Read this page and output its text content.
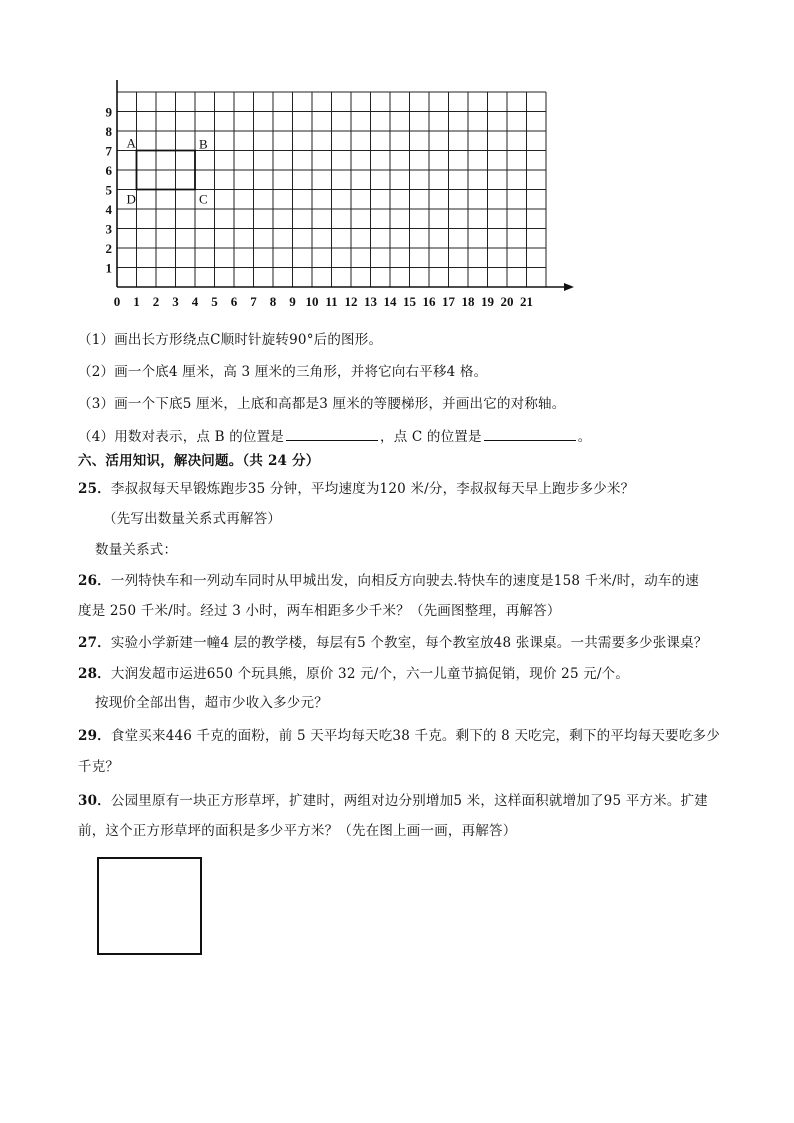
1
2
3
4
5
6
7
8
9
0 1 2 3 4 5 6 7 8 9 10 11 12 13 14 15 16 17 18 19 20 21
A	B
C
D
（1）画出长方形绕点C顺时针旋转90°后的图形。
（2）画一个底4 厘米，高 3 厘米的三角形，并将它向右平移4 格。
（3）画一个下底5 厘米，上底和高都是3 厘米的等腰梯形，并画出它的对称轴。
（4）用数对表示，点 B 的位置是	，点 C 的位置是	。
六、活用知识，解决问题。（共 24 分）
25．李叔叔每天早锻炼跑步35 分钟，平均速度为120 米/分，李叔叔每天早上跑步多少米？
（先写出数量关系式再解答）
数量关系式：
26．一列特快车和一列动车同时从甲城出发，向相反方向驶去.特快车的速度是158 千米/时，动车的速
度是 250 千米/时。经过 3 小时，两车相距多少千米？（先画图整理，再解答）
27．实验小学新建一幢4 层的教学楼，每层有5 个教室，每个教室放48 张课桌。一共需要多少张课桌？
28．大润发超市运进650 个玩具熊，原价 32 元/个，六一儿童节搞促销，现价 25 元/个。
按现价全部出售，超市少收入多少元？
29．食堂买来446 千克的面粉，前 5 天平均每天吃38 千克。剩下的 8 天吃完，剩下的平均每天要吃多少
千克？
30．公园里原有一块正方形草坪，扩建时，两组对边分别增加5 米，这样面积就增加了95 平方米。扩建
前，这个正方形草坪的面积是多少平方米？（先在图上画一画，再解答）
